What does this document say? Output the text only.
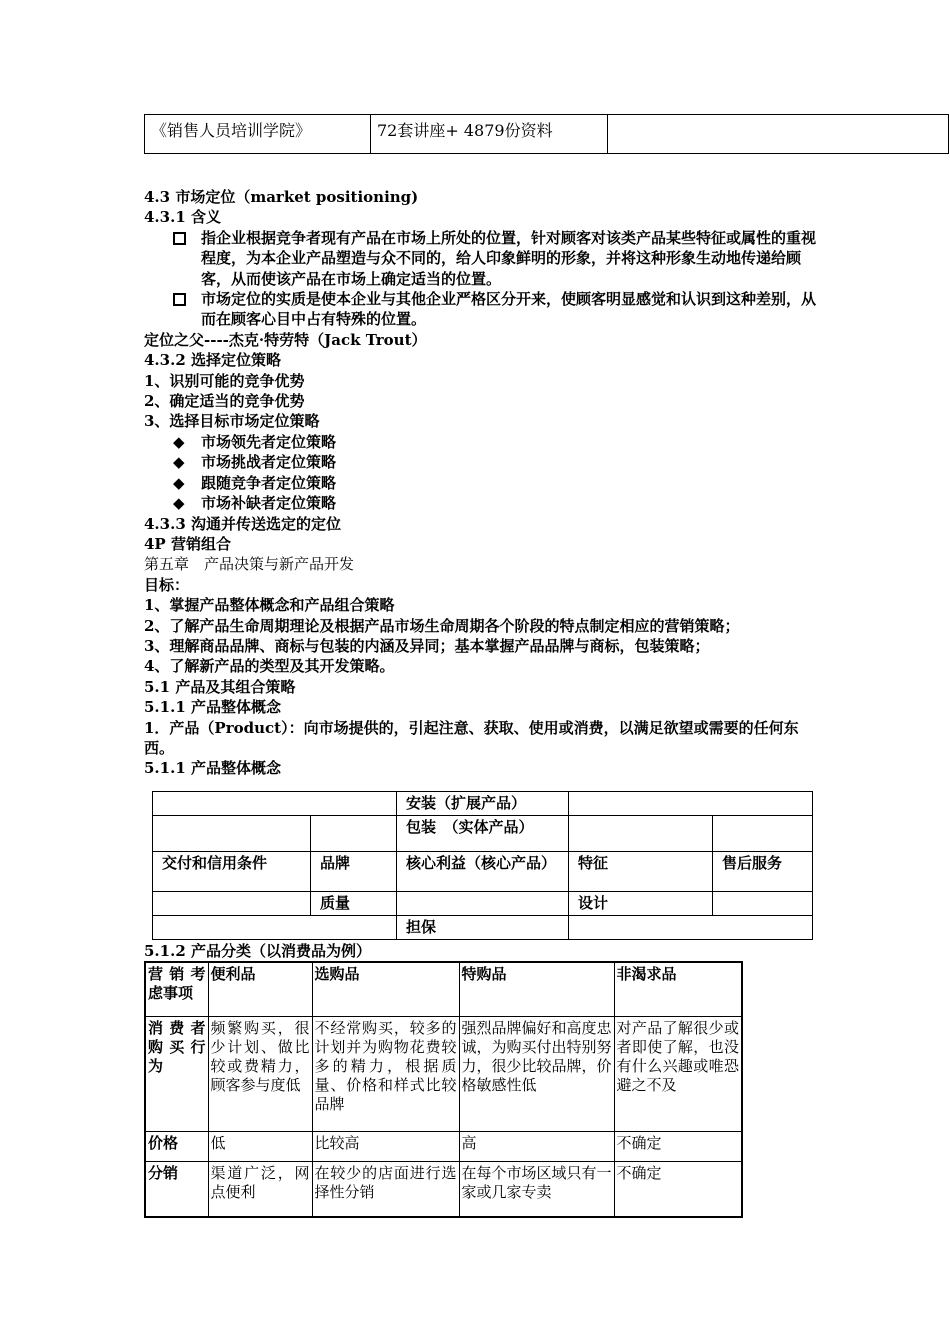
《销售人员培训学院》	72套讲座+ 4879份资料	
4.3 市场定位（market positioning)
4.3.1 含义
指企业根据竞争者现有产品在市场上所处的位置，针对顾客对该类产品某些特征或属性的重视程度，为本企业产品塑造与众不同的，给人印象鲜明的形象，并将这种形象生动地传递给顾客，从而使该产品在市场上确定适当的位置。
市场定位的实质是使本企业与其他企业严格区分开来，使顾客明显感觉和认识到这种差别，从而在顾客心目中占有特殊的位置。
定位之父----杰克·特劳特（Jack Trout）
4.3.2 选择定位策略
1、识别可能的竞争优势
2、确定适当的竞争优势
3、选择目标市场定位策略
◆ 市场领先者定位策略
◆ 市场挑战者定位策略
◆ 跟随竞争者定位策略
◆ 市场补缺者定位策略
4.3.3 沟通并传送选定的定位
4P 营销组合
第五章　产品决策与新产品开发
目标：
1、掌握产品整体概念和产品组合策略
2、了解产品生命周期理论及根据产品市场生命周期各个阶段的特点制定相应的营销策略；
3、理解商品品牌、商标与包装的内涵及异同；基本掌握产品品牌与商标，包装策略；
4、了解新产品的类型及其开发策略。
5.1 产品及其组合策略
5.1.1 产品整体概念
1．产品（Product）：向市场提供的，引起注意、获取、使用或消费，以满足欲望或需要的任何东西。
5.1.1 产品整体概念
		安装（扩展产品）		
		包装　（实体产品）		
交付和信用条件	品牌	核心利益（核心产品）	特征	售后服务
	质量		设计	
		担保		
5.1.2 产品分类（以消费品为例）
营销考虑事项	便利品	选购品	特购品	非渴求品
消费者购买行为	频繁购买，很少计划、做比较或费精力，顾客参与度低	不经常购买，较多的计划并为购物花费较多的精力，根据质量、价格和样式比较品牌	强烈品牌偏好和高度忠诚，为购买付出特别努力，很少比较品牌，价格敏感性低	对产品了解很少或者即使了解，也没有什么兴趣或唯恐避之不及
价格	低	比较高	高	不确定
分销	渠道广泛，网点便利	在较少的店面进行选择性分销	在每个市场区域只有一家或几家专卖	不确定
